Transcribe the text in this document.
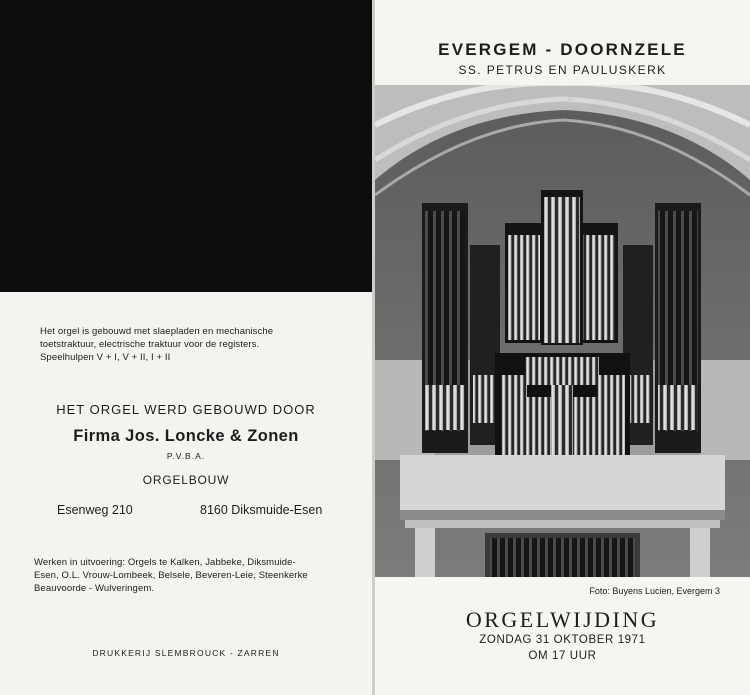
Het orgel is gebouwd met slaepladen en mechanische
toetstraktuur, electrische traktuur voor de registers.
Speelhulpen V + I, V + II, I + II

HET ORGEL WERD GEBOUWD DOOR

Firma Jos. Loncke & Zonen

P.V.B.A.

ORGELBOUW

Esenweg 210	8160 Diksmuide-Esen

Werken in uitvoering: Orgels te Kalken, Jabbeke, Diksmuide-
Esen, O.L. Vrouw-Lombeek, Belsele, Beveren-Leie, Steenkerke
Beauvoorde - Wulveringem.

DRUKKERIJ SLEMBROUCK - ZARREN

EVERGEM - DOORNZELE

SS. PETRUS EN PAULUSKERK

Foto: Buyens Lucien, Evergem 3

ORGELWIJDING

ZONDAG 31 OKTOBER 1971

OM 17 UUR
